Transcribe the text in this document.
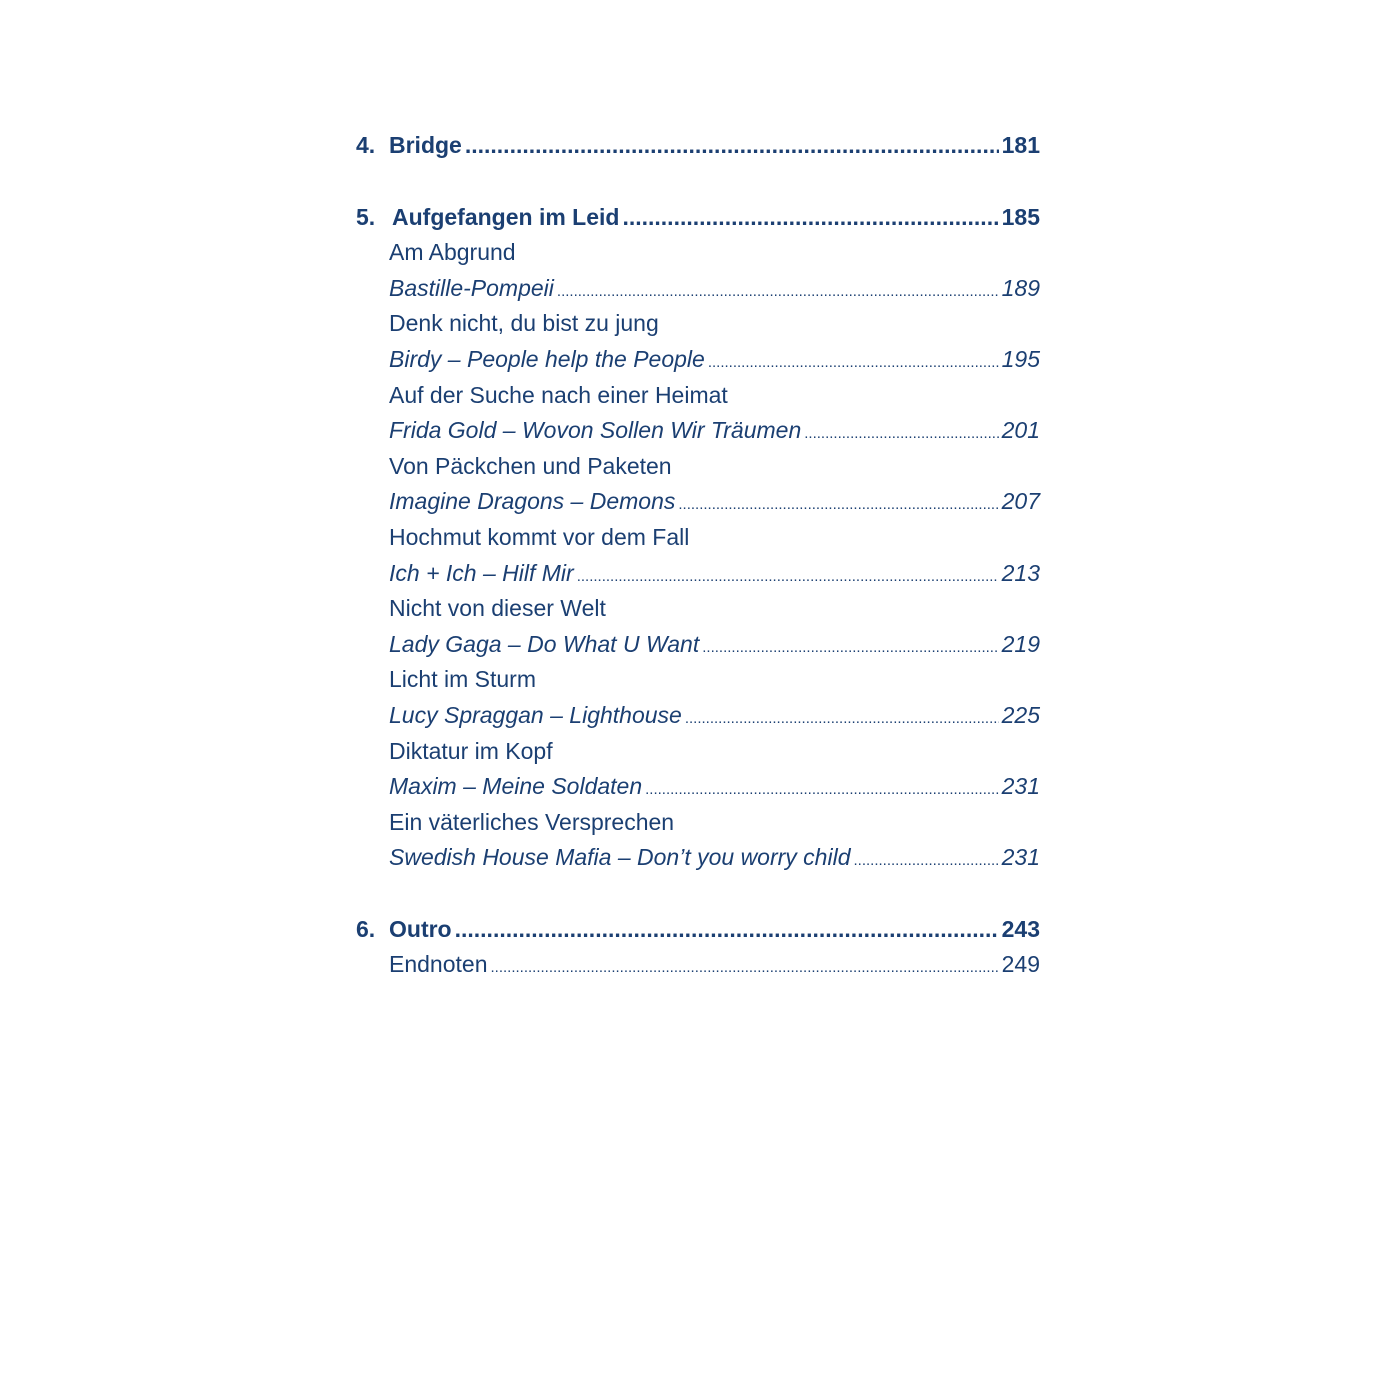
4. Bridge .....	181
5. Aufgefangen im Leid .....	185
Am Abgrund
Bastille-Pompeii .....	189
Denk nicht, du bist zu jung
Birdy – People help the People .....	195
Auf der Suche nach einer Heimat
Frida Gold – Wovon Sollen Wir Träumen .....	201
Von Päckchen und Paketen
Imagine Dragons – Demons .....	207
Hochmut kommt vor dem Fall
Ich + Ich – Hilf Mir .....	213
Nicht von dieser Welt
Lady Gaga – Do What U Want .....	219
Licht im Sturm
Lucy Spraggan – Lighthouse .....	225
Diktatur im Kopf
Maxim – Meine Soldaten .....	231
Ein väterliches Versprechen
Swedish House Mafia – Don’t you worry child .....	231
6. Outro .....	243
Endnoten .....	249
